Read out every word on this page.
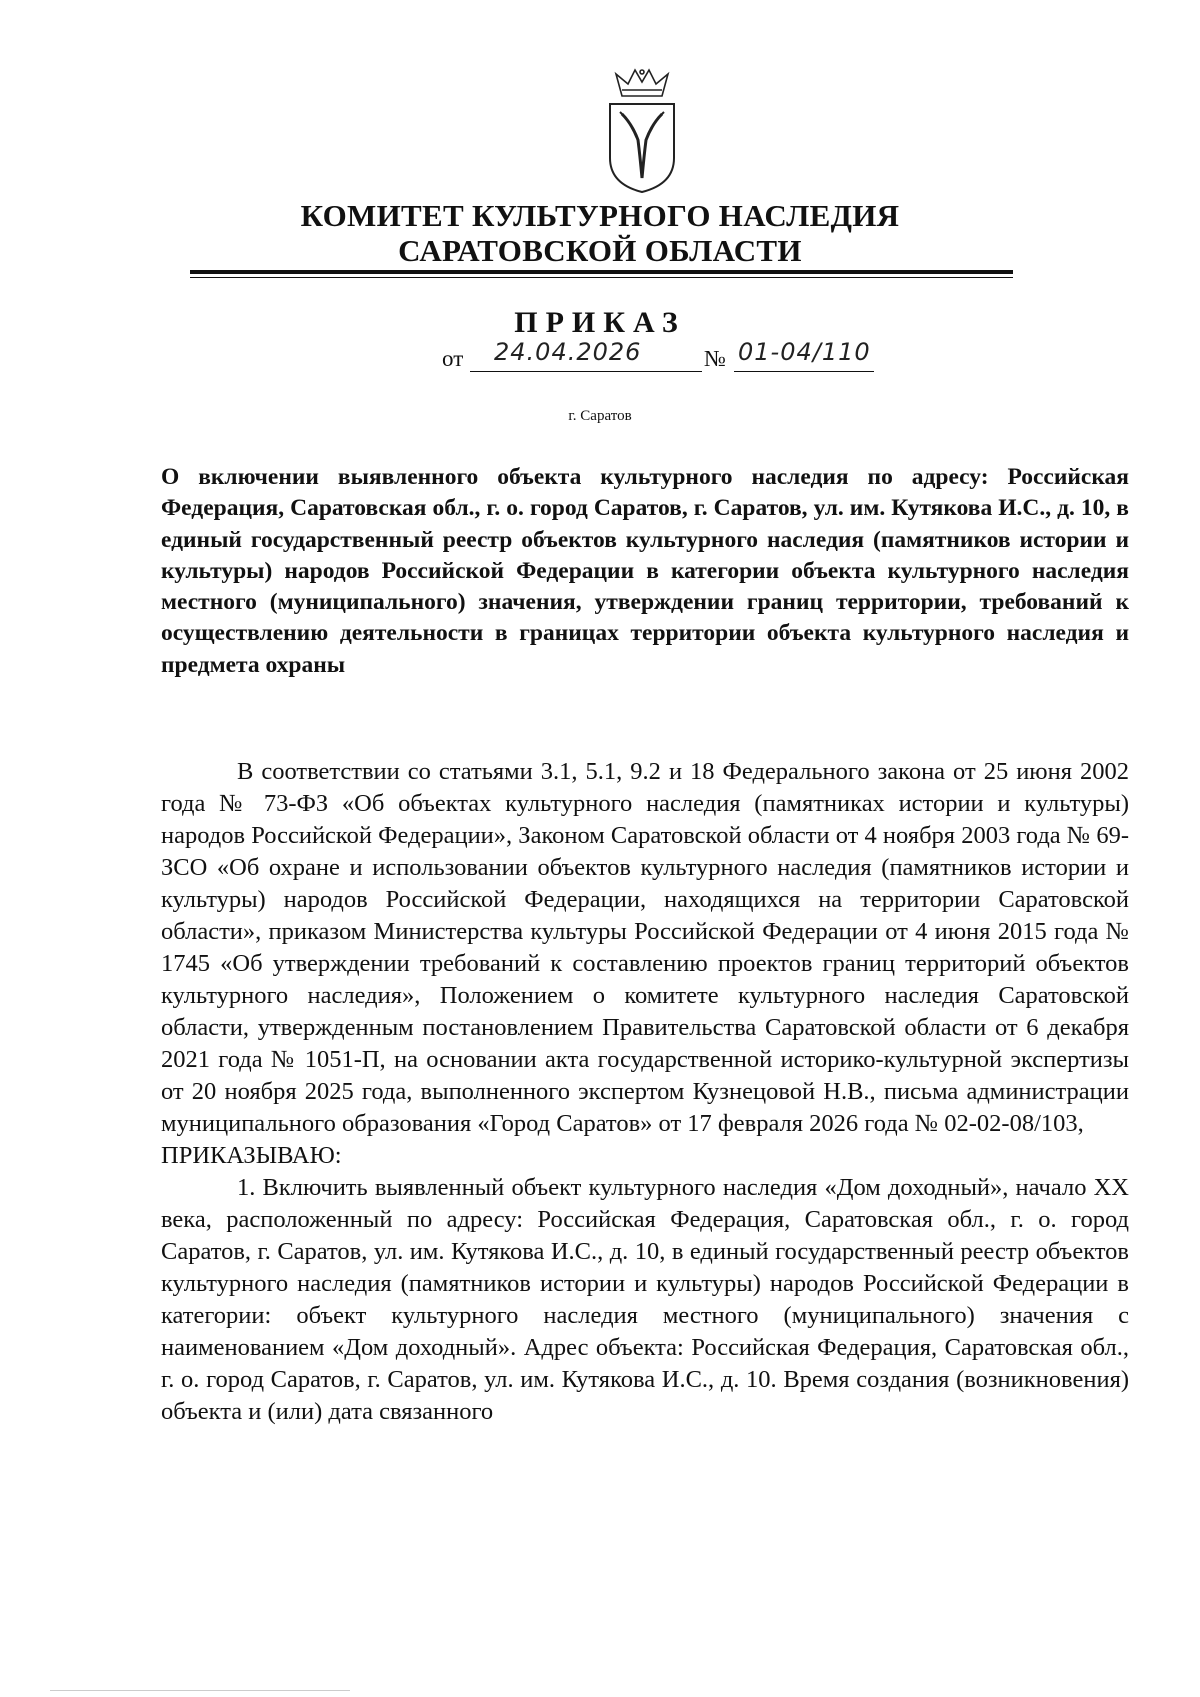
КОМИТЕТ КУЛЬТУРНОГО НАСЛЕДИЯ
САРАТОВСКОЙ ОБЛАСТИ
ПРИКАЗ
от 24.04.2026	№ 01-04/110
г. Саратов

О включении выявленного объекта культурного наследия по адресу: Российская Федерация, Саратовская обл., г. о. город Саратов, г. Саратов, ул. им. Кутякова И.С., д. 10, в единый государственный реестр объектов культурного наследия (памятников истории и культуры) народов Российской Федерации в категории объекта культурного наследия местного (муниципального) значения, утверждении границ территории, требований к осуществлению деятельности в границах территории объекта культурного наследия и предмета охраны

В соответствии со статьями 3.1, 5.1, 9.2 и 18 Федерального закона от 25 июня 2002 года № 73-ФЗ «Об объектах культурного наследия (памятниках истории и культуры) народов Российской Федерации», Законом Саратовской области от 4 ноября 2003 года № 69-ЗСО «Об охране и использовании объектов культурного наследия (памятников истории и культуры) народов Российской Федерации, находящихся на территории Саратовской области», приказом Министерства культуры Российской Федерации от 4 июня 2015 года № 1745 «Об утверждении требований к составлению проектов границ территорий объектов культурного наследия», Положением о комитете культурного наследия Саратовской области, утвержденным постановлением Правительства Саратовской области от 6 декабря 2021 года № 1051-П, на основании акта государственной историко-культурной экспертизы от 20 ноября 2025 года, выполненного экспертом Кузнецовой Н.В., письма администрации муниципального образования «Город Саратов» от 17 февраля 2026 года № 02-02-08/103,

ПРИКАЗЫВАЮ:

1. Включить выявленный объект культурного наследия «Дом доходный», начало XX века, расположенный по адресу: Российская Федерация, Саратовская обл., г. о. город Саратов, г. Саратов, ул. им. Кутякова И.С., д. 10, в единый государственный реестр объектов культурного наследия (памятников истории и культуры) народов Российской Федерации в категории: объект культурного наследия местного (муниципального) значения с наименованием «Дом доходный». Адрес объекта: Российская Федерация, Саратовская обл., г. о. город Саратов, г. Саратов, ул. им. Кутякова И.С., д. 10. Время создания (возникновения) объекта и (или) дата связанного
